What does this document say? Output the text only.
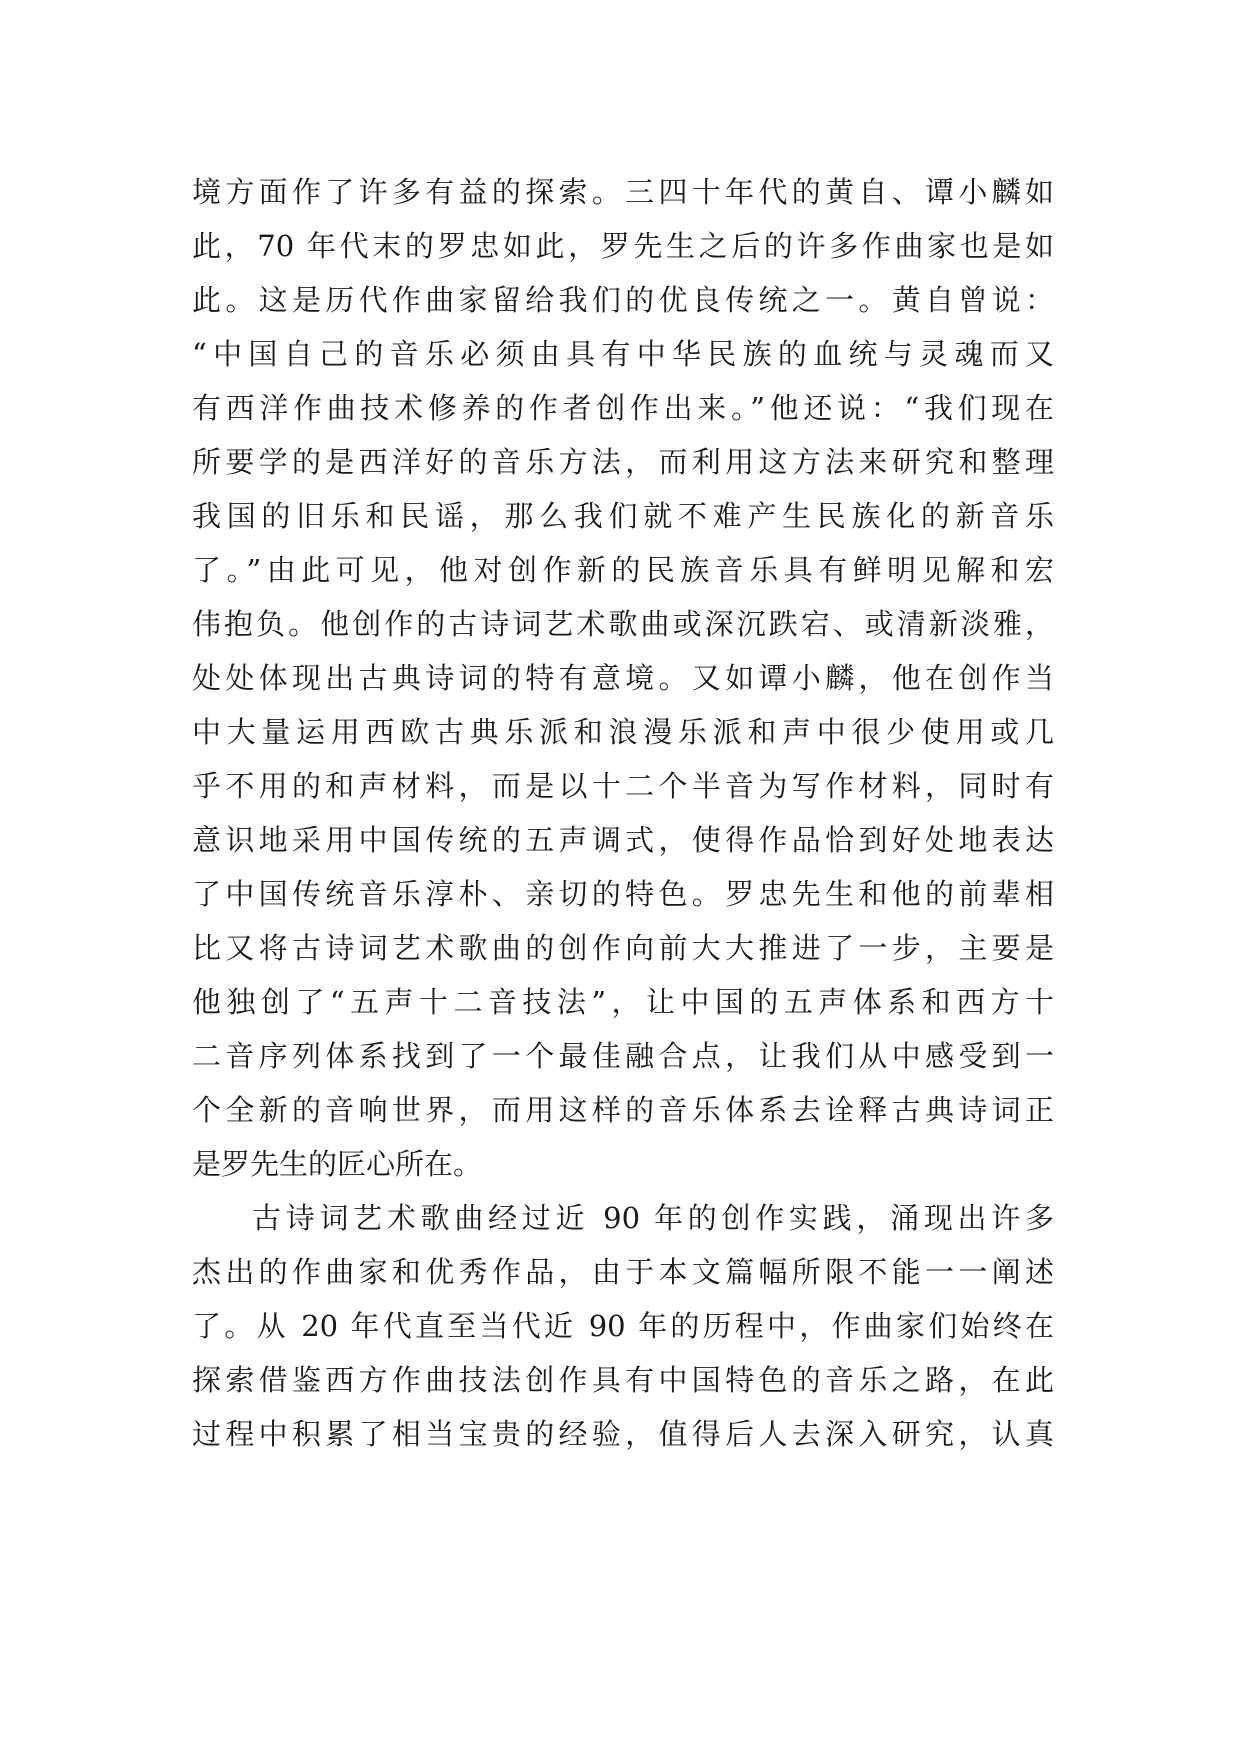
境方面作了许多有益的探索。三四十年代的黄自、谭小麟如
此，70 年代末的罗忠如此，罗先生之后的许多作曲家也是如
此。这是历代作曲家留给我们的优良传统之一。黄自曾说：
“中国自己的音乐必须由具有中华民族的血统与灵魂而又
有西洋作曲技术修养的作者创作出来。”他还说：“我们现在
所要学的是西洋好的音乐方法，而利用这方法来研究和整理
我国的旧乐和民谣，那么我们就不难产生民族化的新音乐
了。”由此可见，他对创作新的民族音乐具有鲜明见解和宏
伟抱负。他创作的古诗词艺术歌曲或深沉跌宕、或清新淡雅，
处处体现出古典诗词的特有意境。又如谭小麟，他在创作当
中大量运用西欧古典乐派和浪漫乐派和声中很少使用或几
乎不用的和声材料，而是以十二个半音为写作材料，同时有
意识地采用中国传统的五声调式，使得作品恰到好处地表达
了中国传统音乐淳朴、亲切的特色。罗忠先生和他的前辈相
比又将古诗词艺术歌曲的创作向前大大推进了一步，主要是
他独创了“五声十二音技法”，让中国的五声体系和西方十
二音序列体系找到了一个最佳融合点，让我们从中感受到一
个全新的音响世界，而用这样的音乐体系去诠释古典诗词正
是罗先生的匠心所在。
古诗词艺术歌曲经过近 90 年的创作实践，涌现出许多
杰出的作曲家和优秀作品，由于本文篇幅所限不能一一阐述
了。从 20 年代直至当代近 90 年的历程中，作曲家们始终在
探索借鉴西方作曲技法创作具有中国特色的音乐之路，在此
过程中积累了相当宝贵的经验，值得后人去深入研究，认真
